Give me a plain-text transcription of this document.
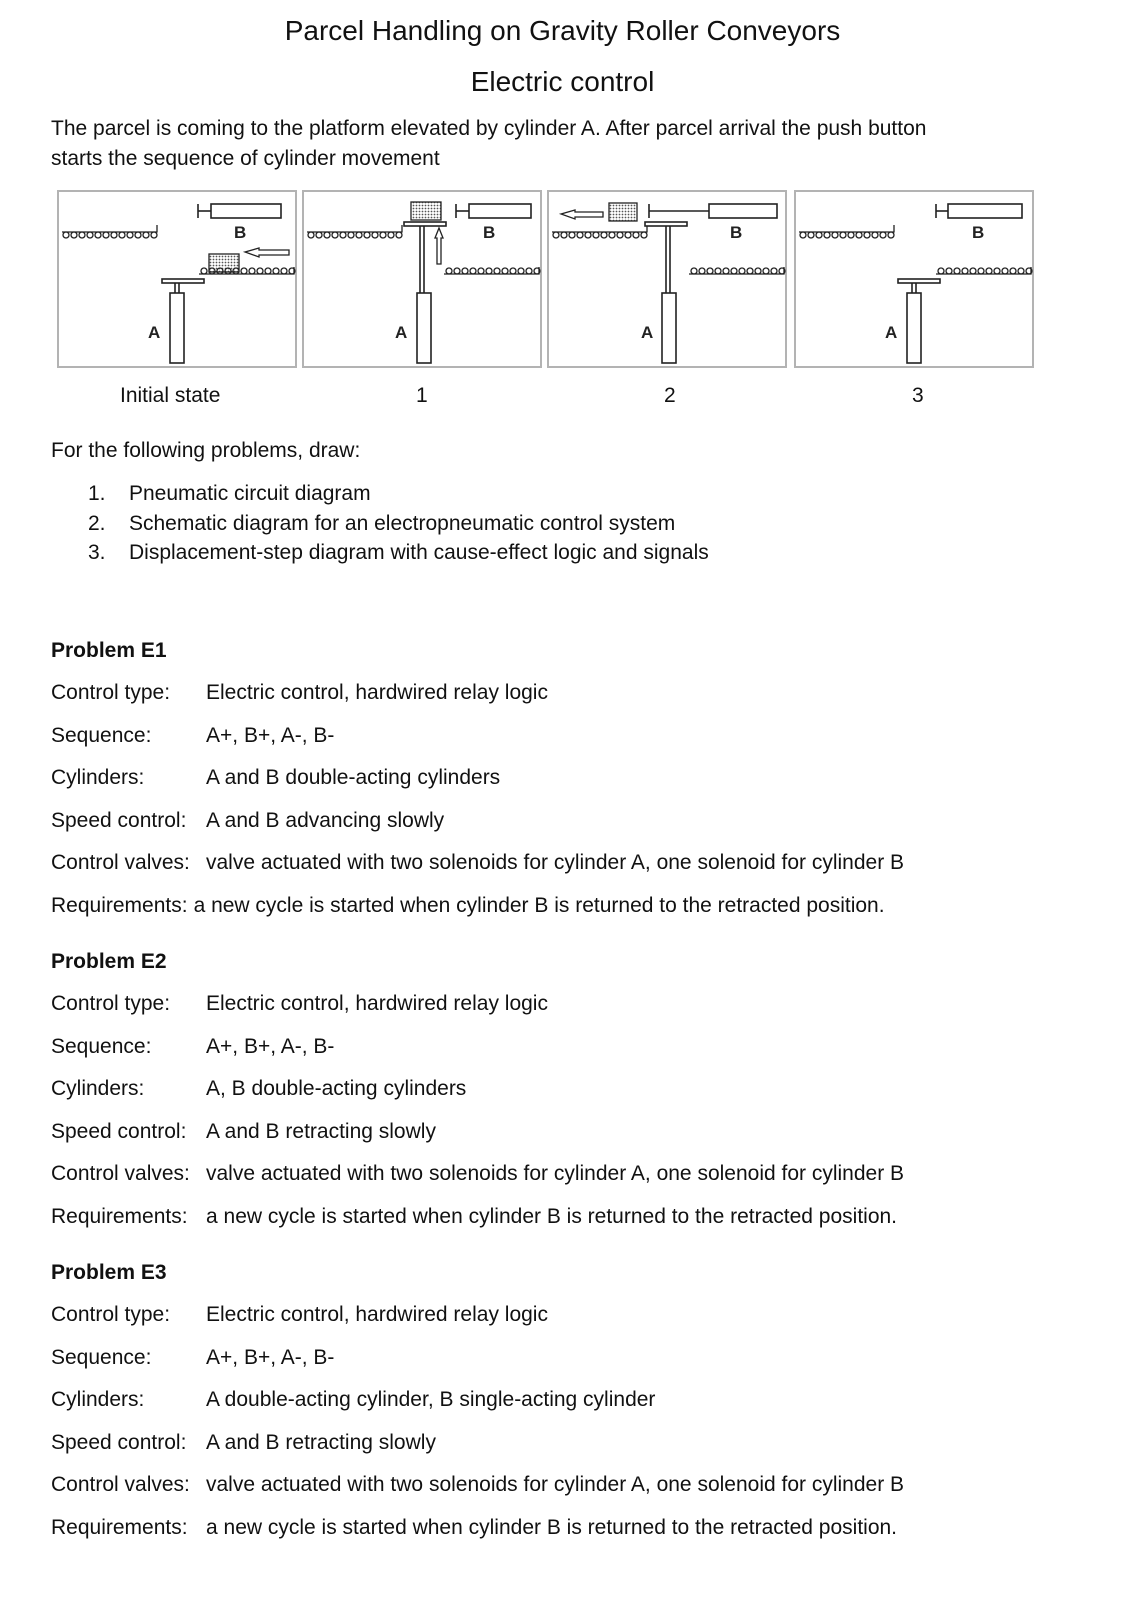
Parcel Handling on Gravity Roller Conveyors
Electric control
The parcel is coming to the platform elevated by cylinder A. After parcel arrival the push button
starts the sequence of cylinder movement
B
A
B
A
B
A
B
A
Initial state	1	2	3
For the following problems, draw:
1. Pneumatic circuit diagram
2. Schematic diagram for an electropneumatic control system
3. Displacement-step diagram with cause-effect logic and signals
Problem E1
Control type: Electric control, hardwired relay logic
Sequence:	A+, B+, A-, B-
Cylinders:	A and B double-acting cylinders
Speed control: A and B advancing slowly
Control valves: valve actuated with two solenoids for cylinder A, one solenoid for cylinder B
Requirements: a new cycle is started when cylinder B is returned to the retracted position.
Problem E2
Control type: Electric control, hardwired relay logic
Sequence:	A+, B+, A-, B-
Cylinders:	A, B double-acting cylinders
Speed control: A and B retracting slowly
Control valves: valve actuated with two solenoids for cylinder A, one solenoid for cylinder B
Requirements: a new cycle is started when cylinder B is returned to the retracted position.
Problem E3
Control type: Electric control, hardwired relay logic
Sequence:	A+, B+, A-, B-
Cylinders:	A double-acting cylinder, B single-acting cylinder
Speed control: A and B retracting slowly
Control valves: valve actuated with two solenoids for cylinder A, one solenoid for cylinder B
Requirements: a new cycle is started when cylinder B is returned to the retracted position.
